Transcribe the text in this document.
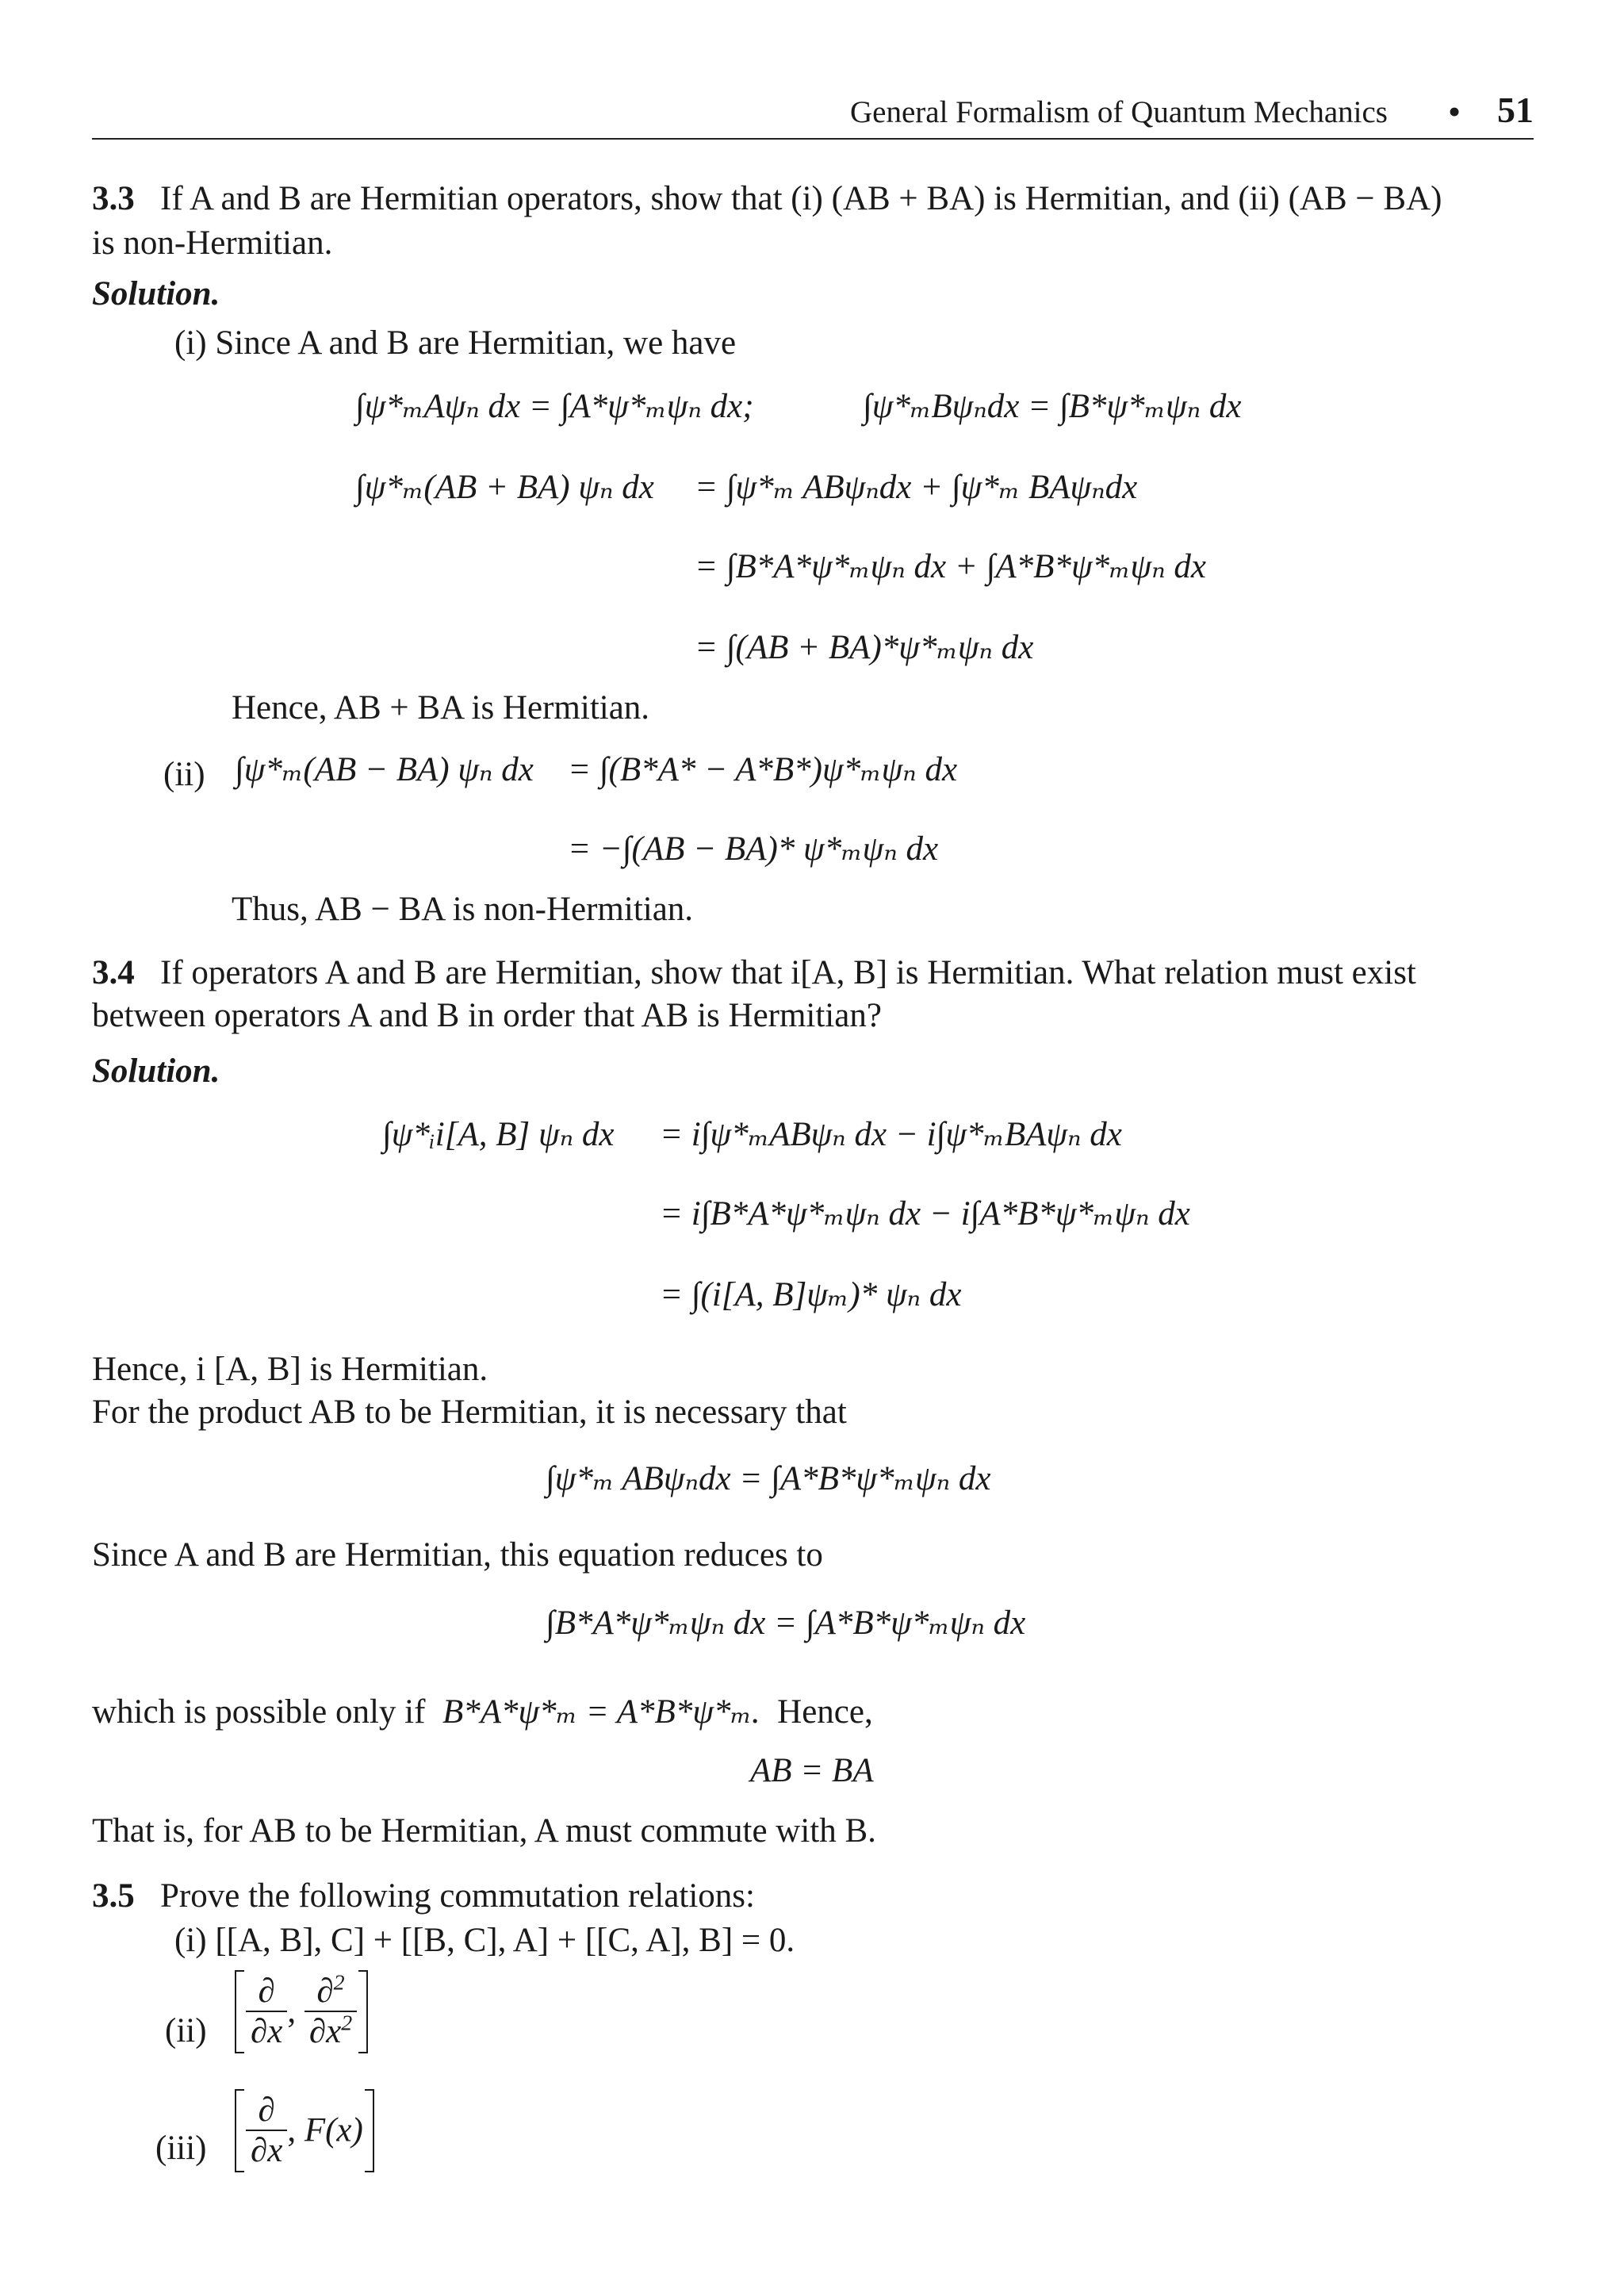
General Formalism of Quantum Mechanics • 51
3.3 If A and B are Hermitian operators, show that (i) (AB + BA) is Hermitian, and (ii) (AB − BA)
is non-Hermitian.
Solution.
(i) Since A and B are Hermitian, we have
∫ψ*ₘAψₙ dx = ∫A*ψ*ₘψₙ dx;	∫ψ*ₘBψₙdx = ∫B*ψ*ₘψₙ dx
∫ψ*ₘ(AB + BA) ψₙ dx = ∫ψ*ₘ ABψₙdx + ∫ψ*ₘ BAψₙdx
= ∫B*A*ψ*ₘψₙ dx + ∫A*B*ψ*ₘψₙ dx
= ∫(AB + BA)*ψ*ₘψₙ dx
Hence, AB + BA is Hermitian.
(ii) ∫ψ*ₘ(AB − BA) ψₙ dx = ∫(B*A* − A*B*)ψ*ₘψₙ dx
= −∫(AB − BA)* ψ*ₘψₙ dx
Thus, AB − BA is non-Hermitian.
3.4 If operators A and B are Hermitian, show that i[A, B] is Hermitian. What relation must exist
between operators A and B in order that AB is Hermitian?
Solution.
∫ψ*ᵢi[A, B] ψₙ dx = i∫ψ*ₘABψₙ dx − i∫ψ*ₘBAψₙ dx
= i∫B*A*ψ*ₘψₙ dx − i∫A*B*ψ*ₘψₙ dx
= ∫(i[A, B]ψₘ)* ψₙ dx
Hence, i [A, B] is Hermitian.
For the product AB to be Hermitian, it is necessary that
∫ψ*ₘ ABψₙdx = ∫A*B*ψ*ₘψₙ dx
Since A and B are Hermitian, this equation reduces to
∫B*A*ψ*ₘψₙ dx = ∫A*B*ψ*ₘψₙ dx
which is possible only if B*A*ψ*ₘ = A*B*ψ*ₘ. Hence,
AB = BA
That is, for AB to be Hermitian, A must commute with B.
3.5 Prove the following commutation relations:
(i) [[A, B], C] + [[B, C], A] + [[C, A], B] = 0.
$(ii) \frac{\partial}{\partial x}$ , $\frac{\partial^2}{\partial x^2}$
$(iii) \frac{\partial}{\partial x}$ , F(x)
